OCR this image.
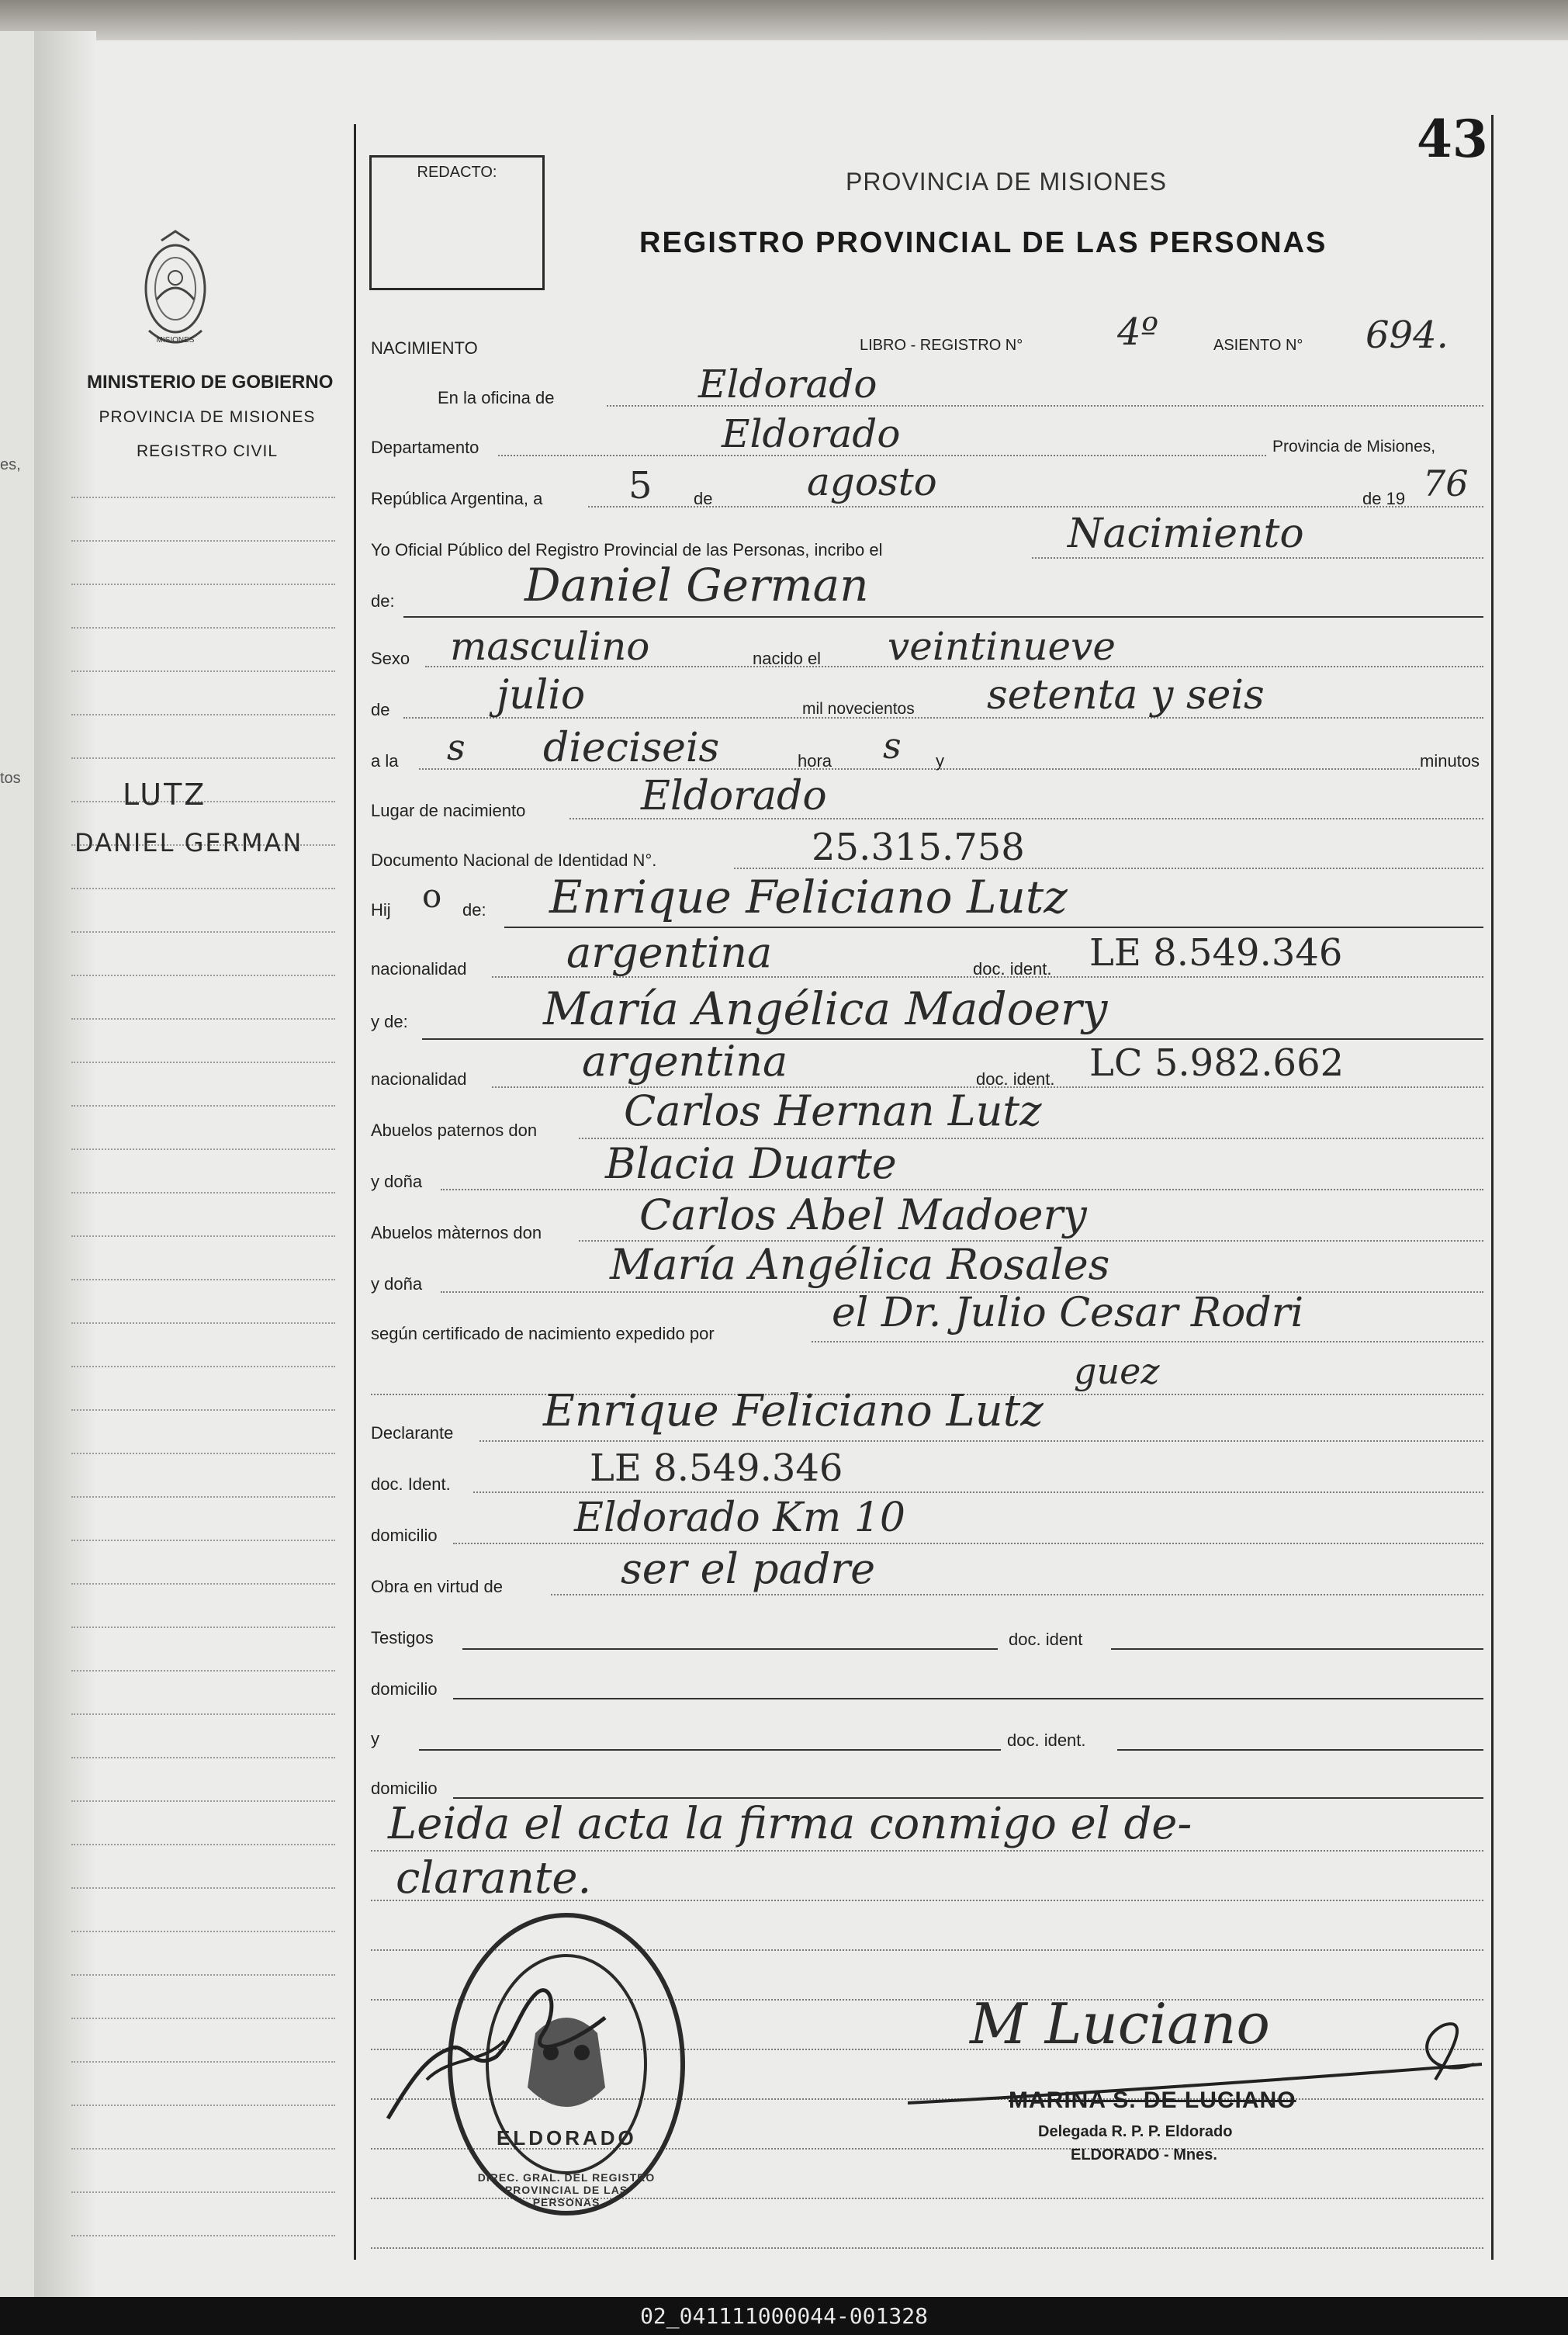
es,
tos
MISIONES
MINISTERIO DE GOBIERNO
PROVINCIA DE MISIONES
REGISTRO CIVIL
LUTZ
DANIEL GERMAN
43
REDACTO:	PROVINCIA DE MISIONES
REGISTRO PROVINCIAL DE LAS PERSONAS
NACIMIENTO	LIBRO - REGISTRO N°	4º	ASIENTO N° 694.
En la oficina de	Eldorado
Departamento	Eldorado	Provincia de Misiones,
República Argentina, a 5 de agosto	de 19 76
Yo Oficial Público del Registro Provincial de las Personas, incribo el	Nacimiento
de:	Daniel German
Sexo masculino	nacido el veintinueve
de	julio	mil novecientos setenta y seis
a la s dieciseis	hora s y	minutos
Lugar de nacimiento	Eldorado
Documento Nacional de Identidad N°.	25.315.758
Hij o de: Enrique Feliciano Lutz
nacionalidad argentina	doc. ident. LE 8.549.346
y de:	María Angélica Madoery
nacionalidad	argentina	doc. ident. LC 5.982.662
Abuelos paternos don Carlos Hernan Lutz
y doña	Blacia Duarte
Abuelos màternos don Carlos Abel Madoery
y doña	María Angélica Rosales
según certificado de nacimiento expedido por	el Dr. Julio Cesar Rodri
guez
Declarante Enrique Feliciano Lutz
doc. Ident.	LE 8.549.346
domicilio	Eldorado Km 10
Obra en virtud de	ser el padre
Testigos	doc. ident
domicilio
y	doc. ident.
domicilio
Leida el acta la firma conmigo el de-
clarante.
DIREC. GRAL. DEL REGISTRO PROVINCIAL DE LAS PERSONAS
ELDORADO
M Luciano
MARINA S. DE LUCIANO
Delegada R. P. P. Eldorado
ELDORADO - Mnes.
02_041111000044-001328
